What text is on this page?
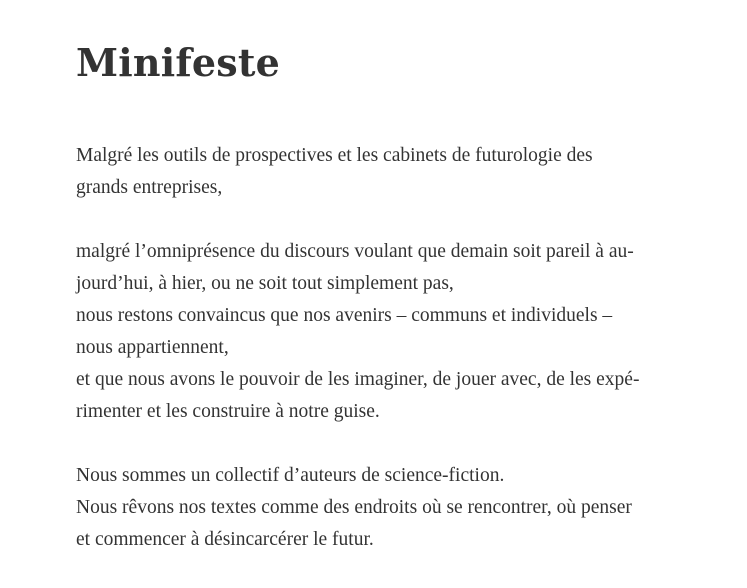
Minifeste

Malgré les outils de prospectives et les cabinets de futurologie des
grands entreprises,

malgré l’omniprésence du discours voulant que demain soit pareil à au-
jourd’hui, à hier, ou ne soit tout simplement pas,
nous restons convaincus que nos avenirs – communs et individuels –
nous appartiennent,
et que nous avons le pouvoir de les imaginer, de jouer avec, de les expé-
rimenter et les construire à notre guise.

Nous sommes un collectif d’auteurs de science-fiction.
Nous rêvons nos textes comme des endroits où se rencontrer, où penser
et commencer à désincarcérer le futur.
